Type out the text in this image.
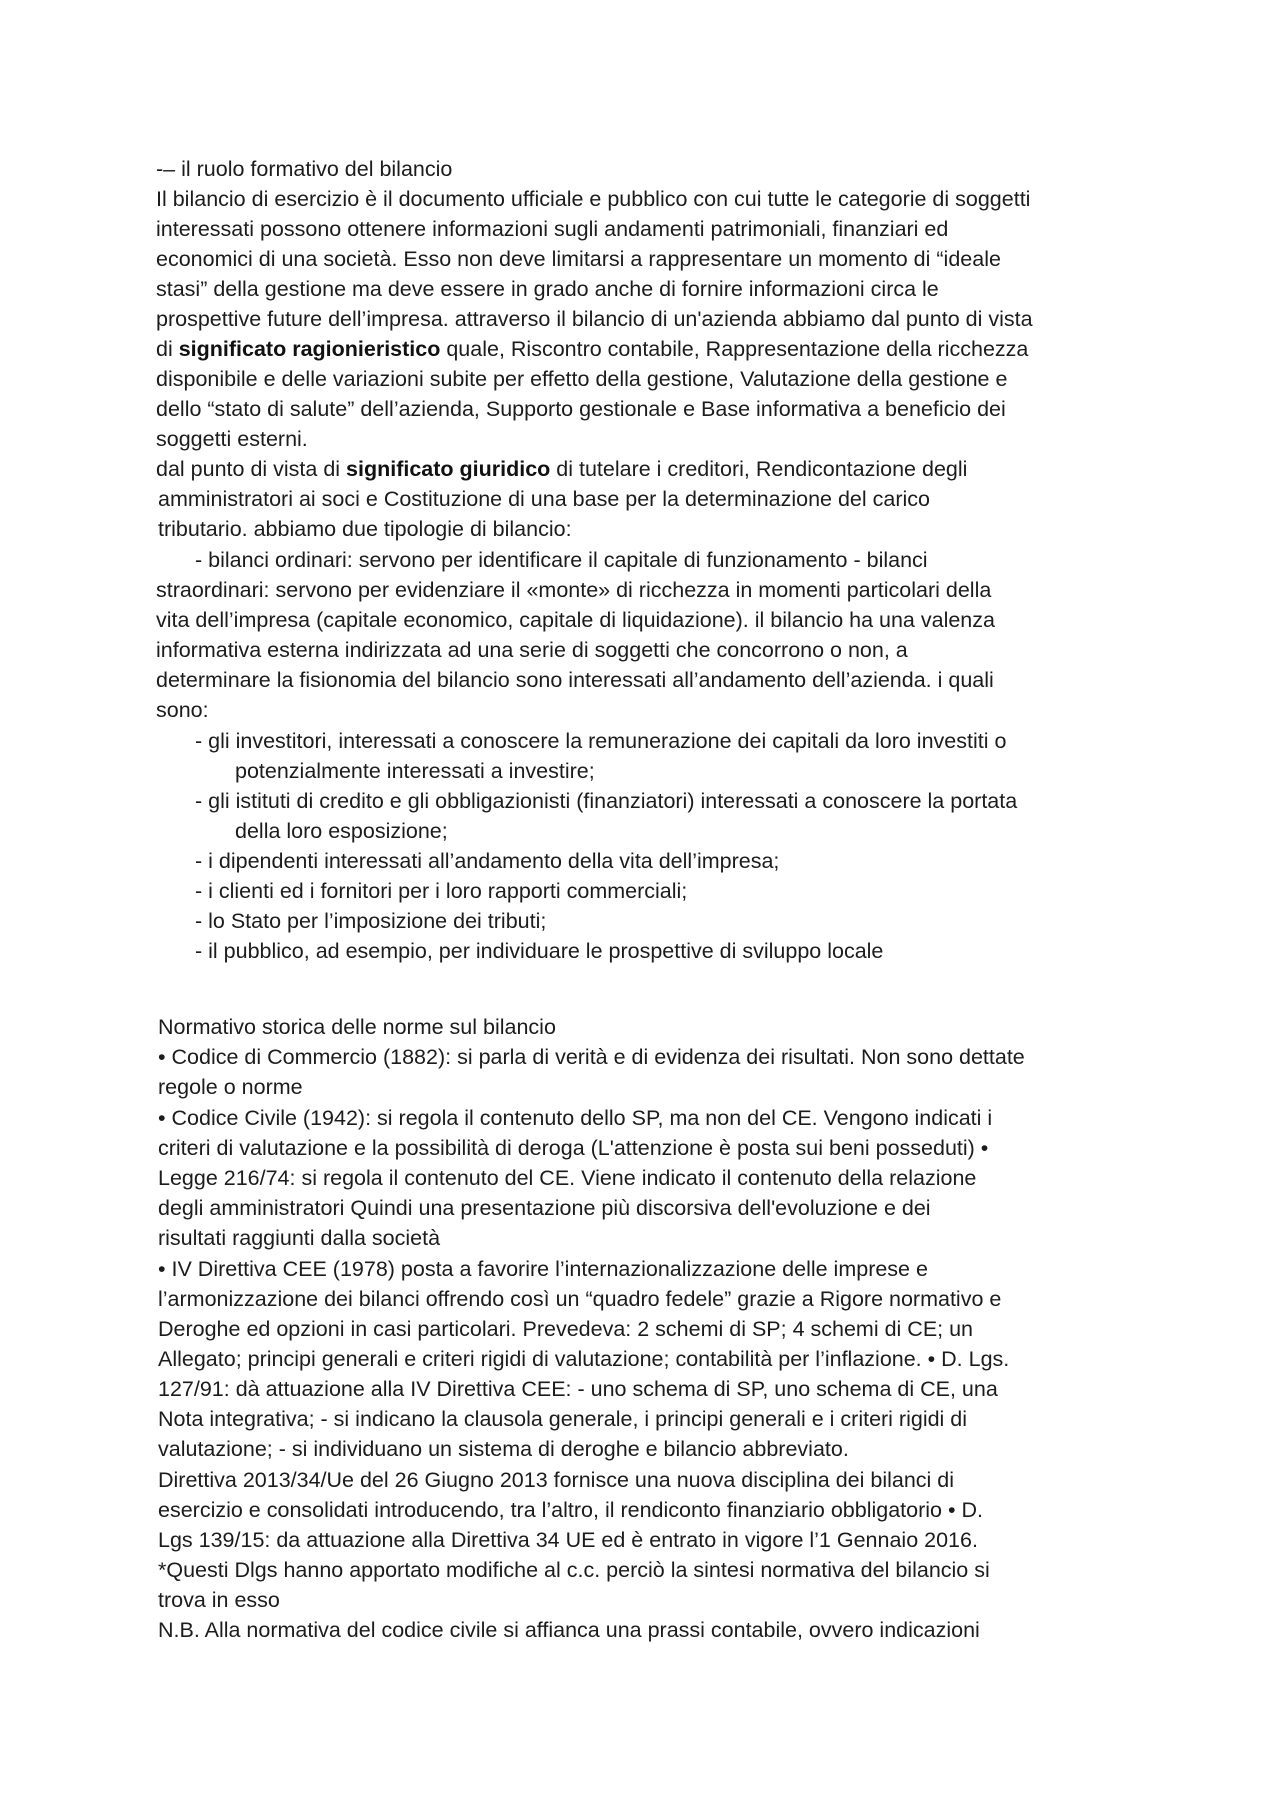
-– il ruolo formativo del bilancio
Il bilancio di esercizio è il documento ufficiale e pubblico con cui tutte le categorie di soggetti
interessati possono ottenere informazioni sugli andamenti patrimoniali, finanziari ed
economici di una società. Esso non deve limitarsi a rappresentare un momento di “ideale
stasi” della gestione ma deve essere in grado anche di fornire informazioni circa le
prospettive future dell’impresa. attraverso il bilancio di un'azienda abbiamo dal punto di vista
di significato ragionieristico quale, Riscontro contabile, Rappresentazione della ricchezza
disponibile e delle variazioni subite per effetto della gestione, Valutazione della gestione e
dello “stato di salute” dell’azienda, Supporto gestionale e Base informativa a beneficio dei
soggetti esterni.
dal punto di vista di significato giuridico di tutelare i creditori, Rendicontazione degli
amministratori ai soci e Costituzione di una base per la determinazione del carico
tributario. abbiamo due tipologie di bilancio:
- bilanci ordinari: servono per identificare il capitale di funzionamento - bilanci
straordinari: servono per evidenziare il «monte» di ricchezza in momenti particolari della
vita dell’impresa (capitale economico, capitale di liquidazione). il bilancio ha una valenza
informativa esterna indirizzata ad una serie di soggetti che concorrono o non, a
determinare la fisionomia del bilancio sono interessati all’andamento dell’azienda. i quali
sono:
- gli investitori, interessati a conoscere la remunerazione dei capitali da loro investiti o
potenzialmente interessati a investire;
- gli istituti di credito e gli obbligazionisti (finanziatori) interessati a conoscere la portata
della loro esposizione;
- i dipendenti interessati all’andamento della vita dell’impresa;
- i clienti ed i fornitori per i loro rapporti commerciali;
- lo Stato per l’imposizione dei tributi;
- il pubblico, ad esempio, per individuare le prospettive di sviluppo locale
Normativo storica delle norme sul bilancio
• Codice di Commercio (1882): si parla di verità e di evidenza dei risultati. Non sono dettate
regole o norme
• Codice Civile (1942): si regola il contenuto dello SP, ma non del CE. Vengono indicati i
criteri di valutazione e la possibilità di deroga (L'attenzione è posta sui beni posseduti) •
Legge 216/74: si regola il contenuto del CE. Viene indicato il contenuto della relazione
degli amministratori Quindi una presentazione più discorsiva dell'evoluzione e dei
risultati raggiunti dalla società
• IV Direttiva CEE (1978) posta a favorire l’internazionalizzazione delle imprese e
l’armonizzazione dei bilanci offrendo così un “quadro fedele” grazie a Rigore normativo e
Deroghe ed opzioni in casi particolari. Prevedeva: 2 schemi di SP; 4 schemi di CE; un
Allegato; principi generali e criteri rigidi di valutazione; contabilità per l’inflazione. • D. Lgs.
127/91: dà attuazione alla IV Direttiva CEE: - uno schema di SP, uno schema di CE, una
Nota integrativa; - si indicano la clausola generale, i principi generali e i criteri rigidi di
valutazione; - si individuano un sistema di deroghe e bilancio abbreviato.
Direttiva 2013/34/Ue del 26 Giugno 2013 fornisce una nuova disciplina dei bilanci di
esercizio e consolidati introducendo, tra l’altro, il rendiconto finanziario obbligatorio • D.
Lgs 139/15: da attuazione alla Direttiva 34 UE ed è entrato in vigore l’1 Gennaio 2016.
*Questi Dlgs hanno apportato modifiche al c.c. perciò la sintesi normativa del bilancio si
trova in esso
N.B. Alla normativa del codice civile si affianca una prassi contabile, ovvero indicazioni
